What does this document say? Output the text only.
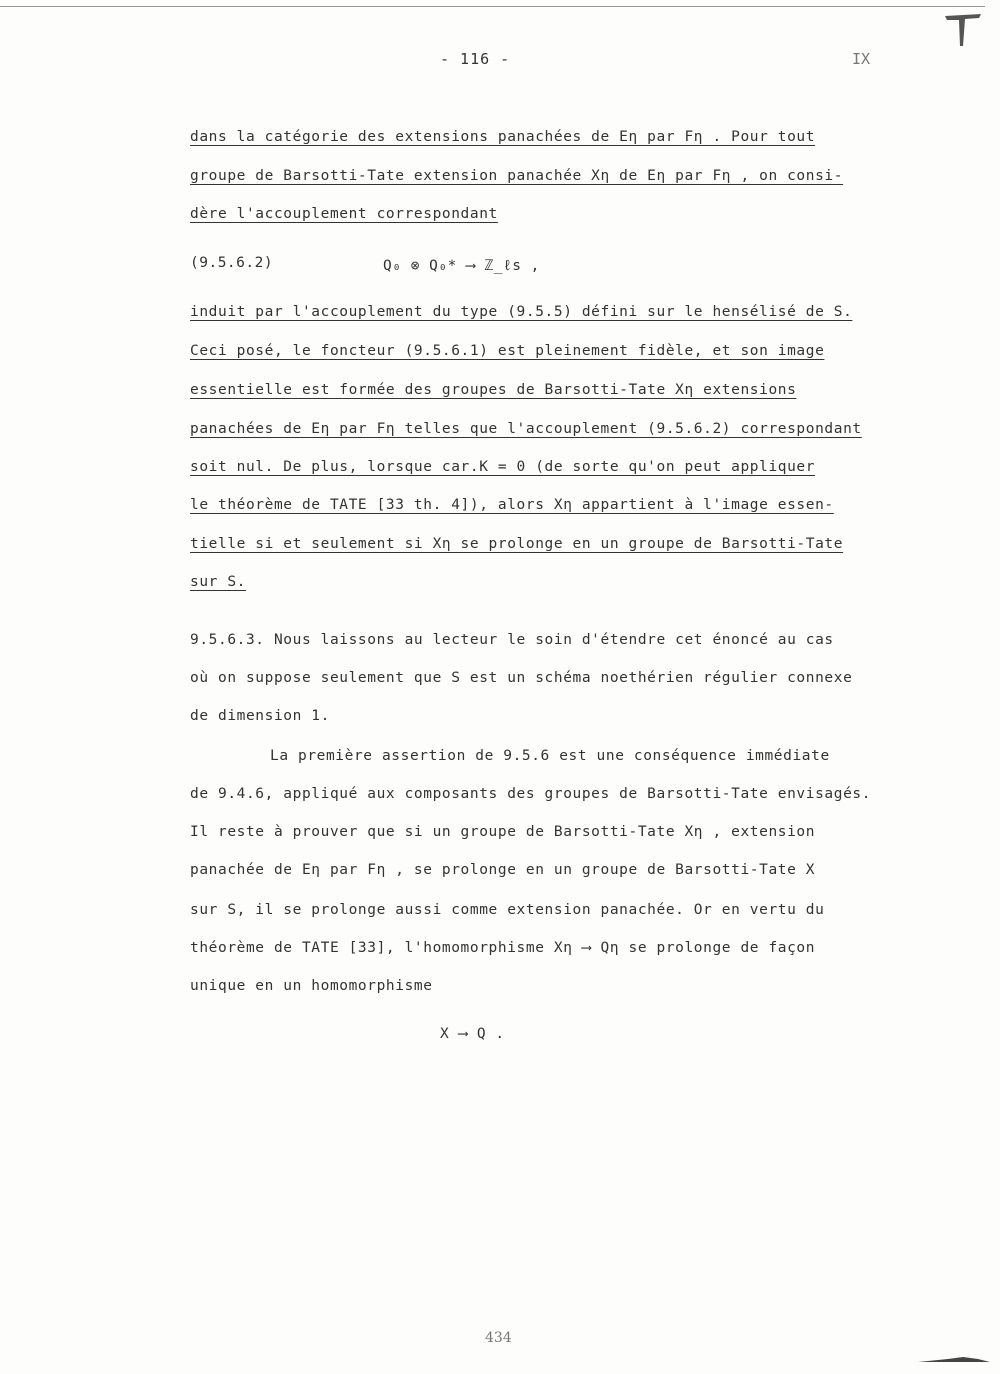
- 116 -	IX
dans la catégorie des extensions panachées de Eη par Fη . Pour tout
groupe de Barsotti-Tate extension panachée Xη de Eη par Fη , on consi-
dère l'accouplement correspondant
(9.5.6.2)	Q₀ ⊗ Q₀* ⟶ ℤ_ℓs ,
induit par l'accouplement du type (9.5.5) défini sur le hensélisé de S.
Ceci posé, le foncteur (9.5.6.1) est pleinement fidèle, et son image
essentielle est formée des groupes de Barsotti-Tate Xη extensions
panachées de Eη par Fη telles que l'accouplement (9.5.6.2) correspondant
soit nul. De plus, lorsque car.K = 0 (de sorte qu'on peut appliquer
le théorème de TATE [33 th. 4]), alors Xη appartient à l'image essen-
tielle si et seulement si Xη se prolonge en un groupe de Barsotti-Tate
sur S.
9.5.6.3. Nous laissons au lecteur le soin d'étendre cet énoncé au cas
où on suppose seulement que S est un schéma noethérien régulier connexe
de dimension 1.
La première assertion de 9.5.6 est une conséquence immédiate
de 9.4.6, appliqué aux composants des groupes de Barsotti-Tate envisagés.
Il reste à prouver que si un groupe de Barsotti-Tate Xη , extension
panachée de Eη par Fη , se prolonge en un groupe de Barsotti-Tate X
sur S, il se prolonge aussi comme extension panachée. Or en vertu du
théorème de TATE [33], l'homomorphisme Xη ⟶ Qη se prolonge de façon
unique en un homomorphisme
X ⟶ Q .
434
